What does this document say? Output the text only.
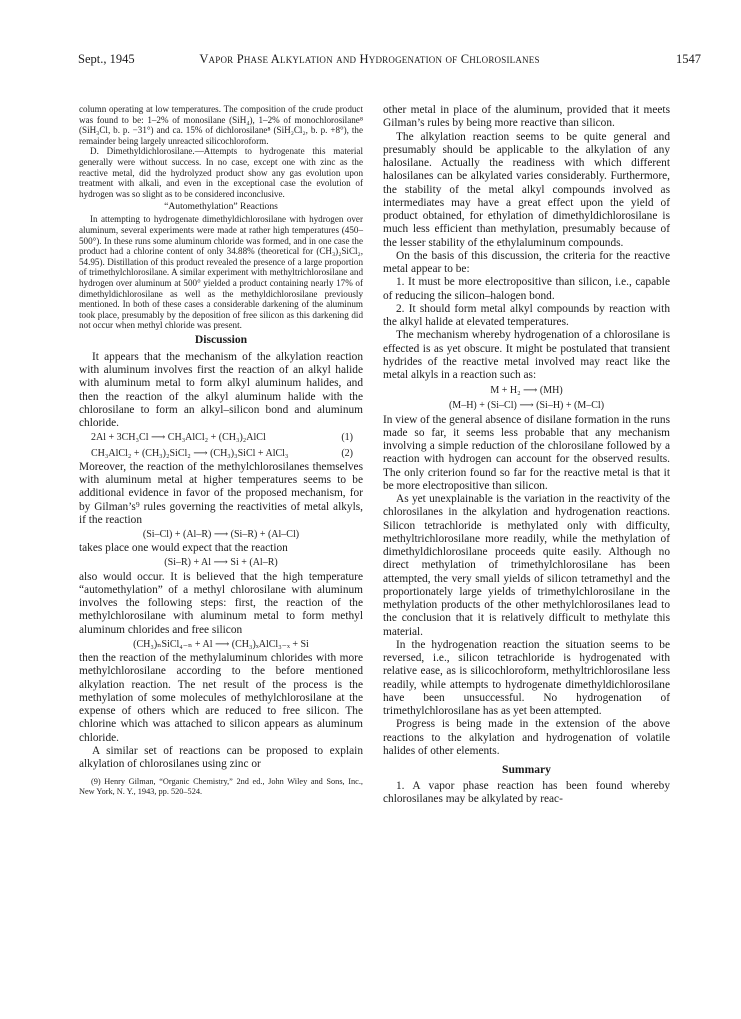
Sept., 1945	Vapor Phase Alkylation and Hydrogenation of Chlorosilanes	1547

column operating at low temperatures. The composition of the crude product was found to be: 1–2% of monosilane (SiH₄), 1–2% of monochlorosilane⁸ (SiH₃Cl, b. p. −31°) and ca. 15% of dichlorosilane⁸ (SiH₂Cl₂, b. p. +8°), the remainder being largely unreacted silicochloroform.

D. Dimethyldichlorosilane.—Attempts to hydrogenate this material generally were without success. In no case, except one with zinc as the reactive metal, did the hydrolyzed product show any gas evolution upon treatment with alkali, and even in the exceptional case the evolution of hydrogen was so slight as to be considered inconclusive.

“Automethylation” Reactions

In attempting to hydrogenate dimethyldichlorosilane with hydrogen over aluminum, several experiments were made at rather high temperatures (450–500°). In these runs some aluminum chloride was formed, and in one case the product had a chlorine content of only 34.88% (theoretical for (CH₃)₂SiCl₂, 54.95). Distillation of this product revealed the presence of a large proportion of trimethylchlorosilane. A similar experiment with methyltrichlorosilane and hydrogen over aluminum at 500° yielded a product containing nearly 17% of dimethyldichlorosilane as well as the methyldichlorosilane previously mentioned. In both of these cases a considerable darkening of the aluminum took place, presumably by the deposition of free silicon as this darkening did not occur when methyl chloride was present.

Discussion

It appears that the mechanism of the alkylation reaction with aluminum involves first the reaction of an alkyl halide with aluminum metal to form alkyl aluminum halides, and then the reaction of the alkyl aluminum halide with the chlorosilane to form an alkyl–silicon bond and aluminum chloride.

2Al + 3CH₃Cl ⟶ CH₃AlCl₂ + (CH₃)₂AlCl	(1)
CH₃AlCl₂ + (CH₃)₂SiCl₂ ⟶ (CH₃)₃SiCl + AlCl₃	(2)

Moreover, the reaction of the methylchlorosilanes themselves with aluminum metal at higher temperatures seems to be additional evidence in favor of the proposed mechanism, for by Gilman’s⁹ rules governing the reactivities of metal alkyls, if the reaction

(Si–Cl) + (Al–R) ⟶ (Si–R) + (Al–Cl)

takes place one would expect that the reaction

(Si–R) + Al ⟶ Si + (Al–R)

also would occur. It is believed that the high temperature “automethylation” of a methyl chlorosilane with aluminum involves the following steps: first, the reaction of the methylchlorosilane with aluminum metal to form methyl aluminum chlorides and free silicon

(CH₃)ₙSiCl₄₋ₙ + Al ⟶ (CH₃)ₓAlCl₃₋ₓ + Si

then the reaction of the methylaluminum chlorides with more methylchlorosilane according to the before mentioned alkylation reaction. The net result of the process is the methylation of some molecules of methylchlorosilane at the expense of others which are reduced to free silicon. The chlorine which was attached to silicon appears as aluminum chloride.

A similar set of reactions can be proposed to explain alkylation of chlorosilanes using zinc or

(9) Henry Gilman, “Organic Chemistry,” 2nd ed., John Wiley and Sons, Inc., New York, N. Y., 1943, pp. 520–524.

other metal in place of the aluminum, provided that it meets Gilman’s rules by being more reactive than silicon.

The alkylation reaction seems to be quite general and presumably should be applicable to the alkylation of any halosilane. Actually the readiness with which different halosilanes can be alkylated varies considerably. Furthermore, the stability of the metal alkyl compounds involved as intermediates may have a great effect upon the yield of product obtained, for ethylation of dimethyldichlorosilane is much less efficient than methylation, presumably because of the lesser stability of the ethylaluminum compounds.

On the basis of this discussion, the criteria for the reactive metal appear to be:

1. It must be more electropositive than silicon, i.e., capable of reducing the silicon–halogen bond.

2. It should form metal alkyl compounds by reaction with the alkyl halide at elevated temperatures.

The mechanism whereby hydrogenation of a chlorosilane is effected is as yet obscure. It might be postulated that transient hydrides of the reactive metal involved may react like the metal alkyls in a reaction such as:

M + H₂ ⟶ (MH)
(M–H) + (Si–Cl) ⟶ (Si–H) + (M–Cl)

In view of the general absence of disilane formation in the runs made so far, it seems less probable that any mechanism involving a simple reduction of the chlorosilane followed by a reaction with hydrogen can account for the observed results. The only criterion found so far for the reactive metal is that it be more electropositive than silicon.

As yet unexplainable is the variation in the reactivity of the chlorosilanes in the alkylation and hydrogenation reactions. Silicon tetrachloride is methylated only with difficulty, methyltrichlorosilane more readily, while the methylation of dimethyldichlorosilane proceeds quite easily. Although no direct methylation of trimethylchlorosilane has been attempted, the very small yields of silicon tetramethyl and the proportionately large yields of trimethylchlorosilane in the methylation products of the other methylchlorosilanes lead to the conclusion that it is relatively difficult to methylate this material.

In the hydrogenation reaction the situation seems to be reversed, i.e., silicon tetrachloride is hydrogenated with relative ease, as is silicochloroform, methyltrichlorosilane less readily, while attempts to hydrogenate dimethyldichlorosilane have been unsuccessful. No hydrogenation of trimethylchlorosilane has as yet been attempted.

Progress is being made in the extension of the above reactions to the alkylation and hydrogenation of volatile halides of other elements.

Summary

1. A vapor phase reaction has been found whereby chlorosilanes may be alkylated by reac-
